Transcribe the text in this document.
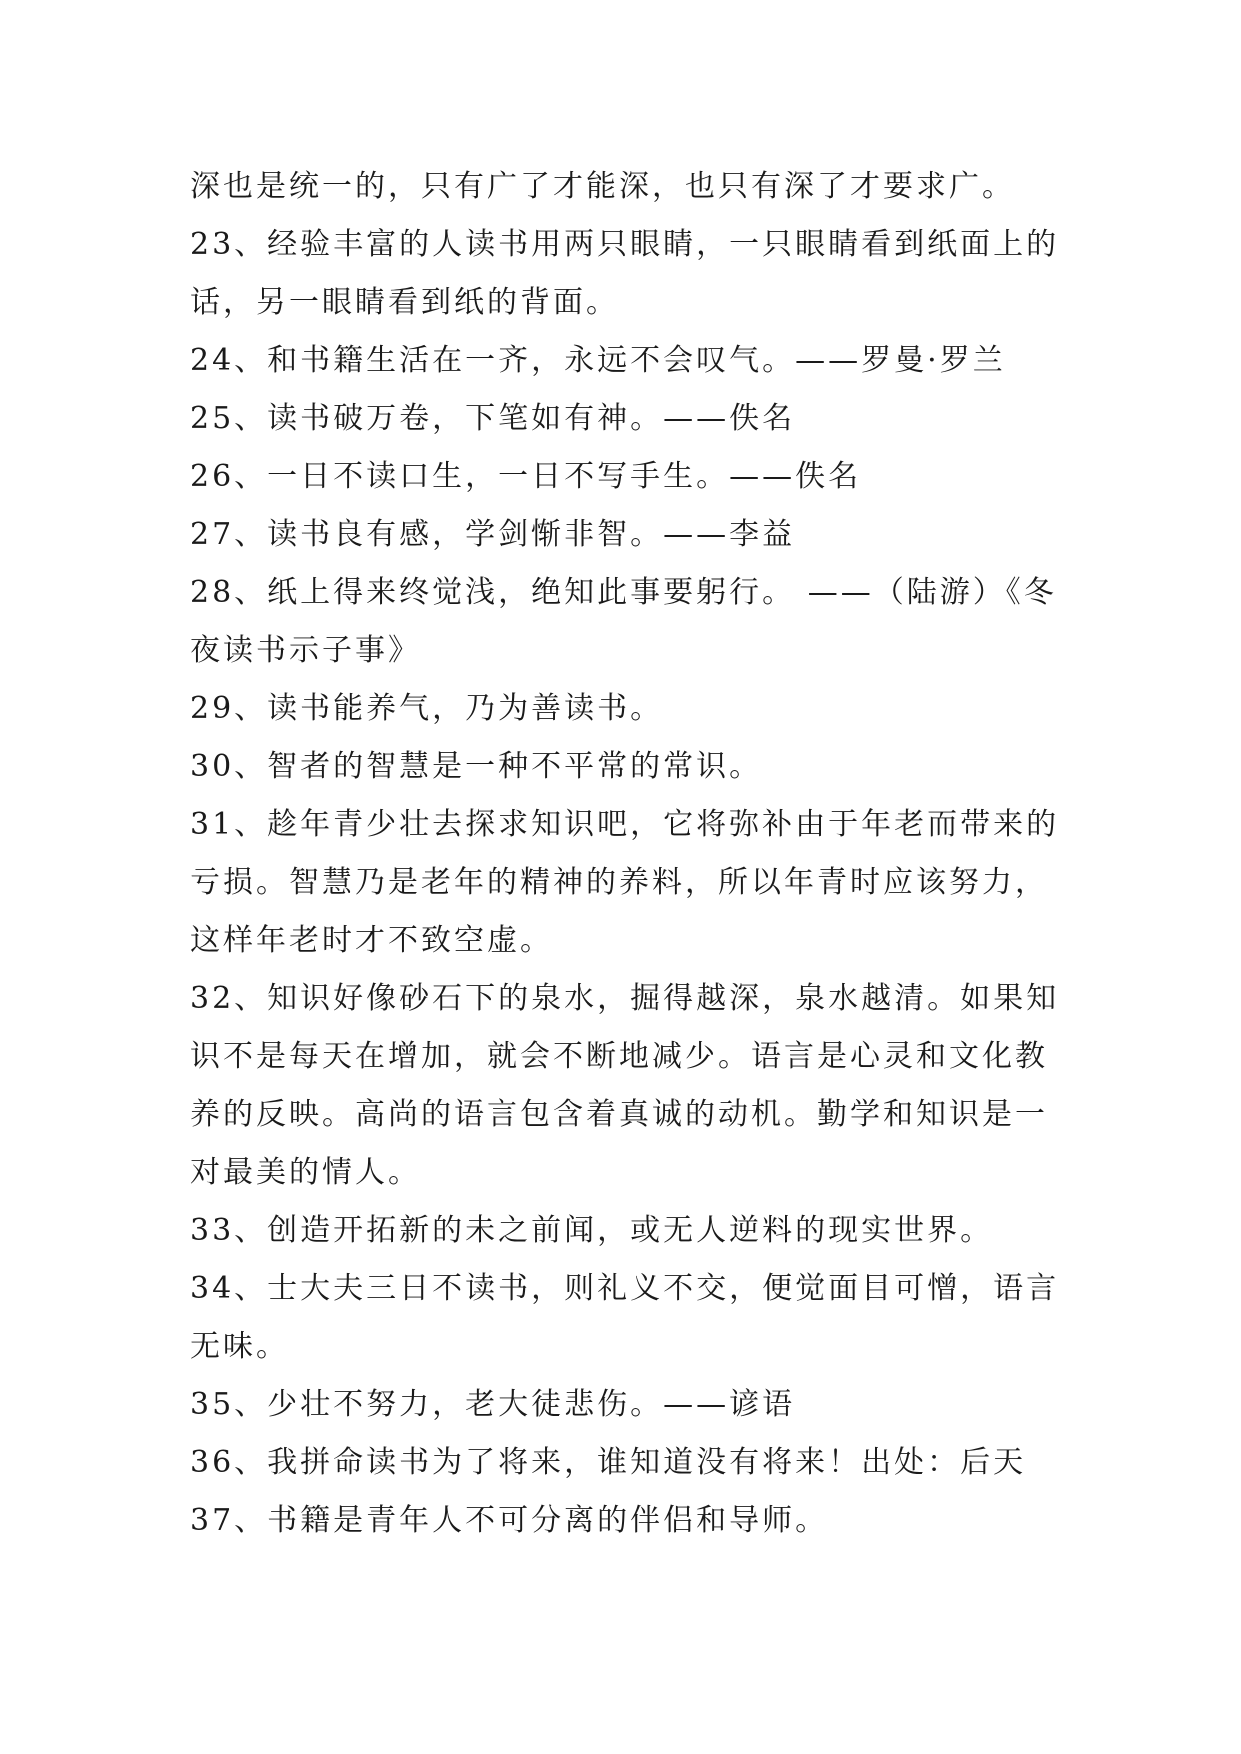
深也是统一的，只有广了才能深，也只有深了才要求广。
23、经验丰富的人读书用两只眼睛，一只眼睛看到纸面上的
话，另一眼睛看到纸的背面。
24、和书籍生活在一齐，永远不会叹气。——罗曼·罗兰
25、读书破万卷，下笔如有神。——佚名
26、一日不读口生，一日不写手生。——佚名
27、读书良有感，学剑惭非智。——李益
28、纸上得来终觉浅，绝知此事要躬行。 ——（陆游）《冬
夜读书示子事》
29、读书能养气，乃为善读书。
30、智者的智慧是一种不平常的常识。
31、趁年青少壮去探求知识吧，它将弥补由于年老而带来的
亏损。智慧乃是老年的精神的养料，所以年青时应该努力，
这样年老时才不致空虚。
32、知识好像砂石下的泉水，掘得越深，泉水越清。如果知
识不是每天在增加，就会不断地减少。语言是心灵和文化教
养的反映。高尚的语言包含着真诚的动机。勤学和知识是一
对最美的情人。
33、创造开拓新的未之前闻，或无人逆料的现实世界。
34、士大夫三日不读书，则礼义不交，便觉面目可憎，语言
无味。
35、少壮不努力，老大徒悲伤。——谚语
36、我拼命读书为了将来，谁知道没有将来！出处：后天
37、书籍是青年人不可分离的伴侣和导师。
